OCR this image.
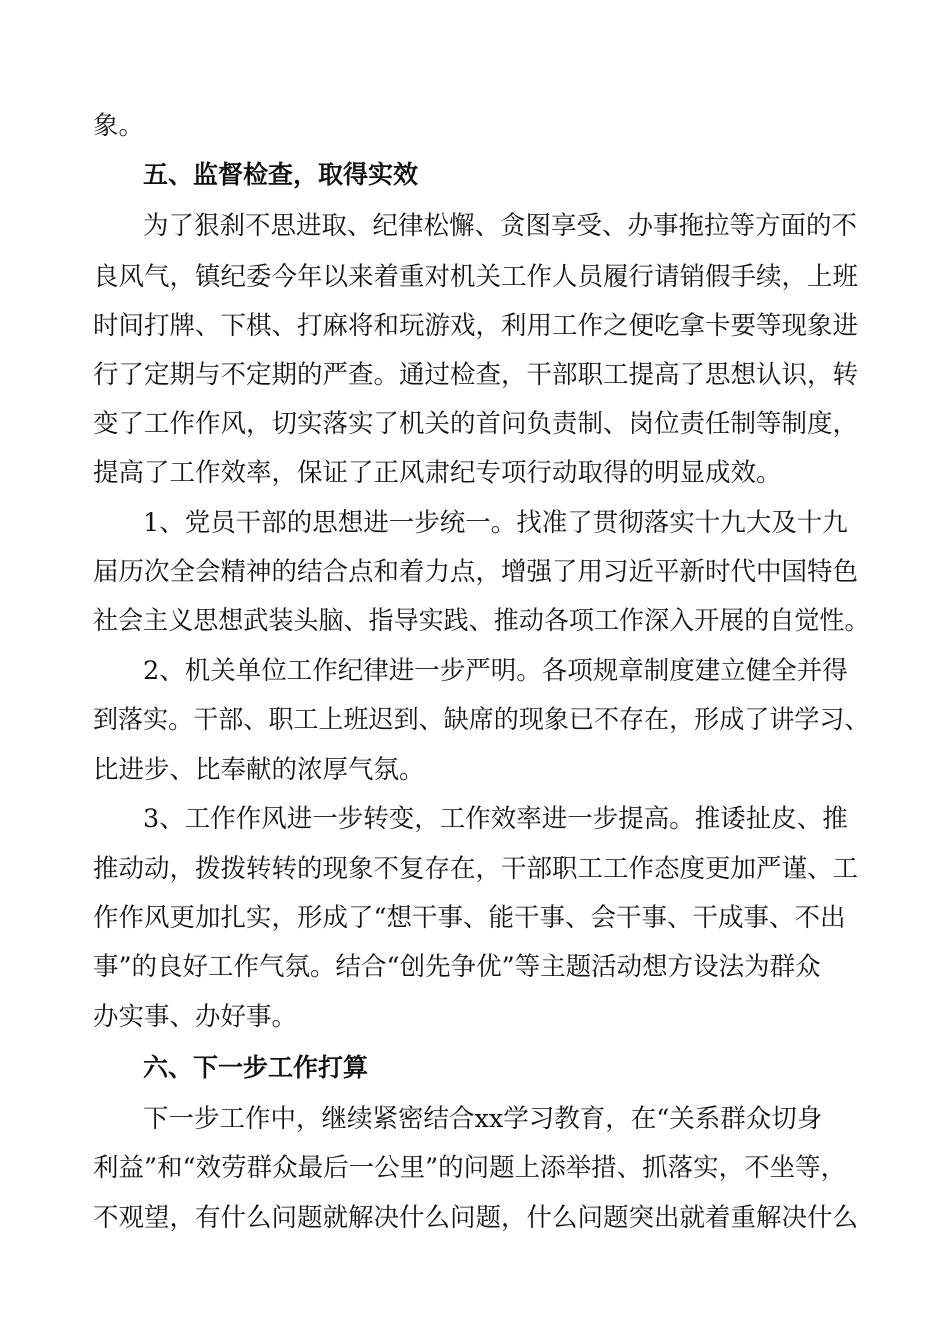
象。
五、监督检查，取得实效
为了狠刹不思进取、纪律松懈、贪图享受、办事拖拉等方面的不
良风气，镇纪委今年以来着重对机关工作人员履行请销假手续，上班
时间打牌、下棋、打麻将和玩游戏，利用工作之便吃拿卡要等现象进
行了定期与不定期的严查。通过检查，干部职工提高了思想认识，转
变了工作作风，切实落实了机关的首问负责制、岗位责任制等制度，
提高了工作效率，保证了正风肃纪专项行动取得的明显成效。
1、党员干部的思想进一步统一。找准了贯彻落实十九大及十九
届历次全会精神的结合点和着力点，增强了用习近平新时代中国特色
社会主义思想武装头脑、指导实践、推动各项工作深入开展的自觉性。
2、机关单位工作纪律进一步严明。各项规章制度建立健全并得
到落实。干部、职工上班迟到、缺席的现象已不存在，形成了讲学习、
比进步、比奉献的浓厚气氛。
3、工作作风进一步转变，工作效率进一步提高。推诿扯皮、推
推动动，拨拨转转的现象不复存在，干部职工工作态度更加严谨、工
作作风更加扎实，形成了“想干事、能干事、会干事、干成事、不出
事”的良好工作气氛。结合“创先争优”等主题活动想方设法为群众
办实事、办好事。
六、下一步工作打算
下一步工作中，继续紧密结合xx学习教育，在“关系群众切身
利益”和“效劳群众最后一公里”的问题上添举措、抓落实，不坐等，
不观望，有什么问题就解决什么问题，什么问题突出就着重解决什么
